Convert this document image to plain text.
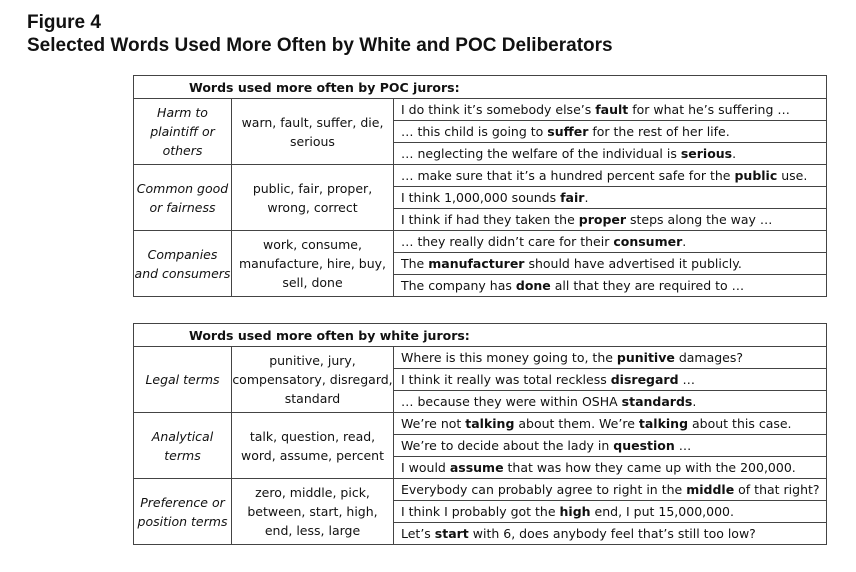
Figure 4
Selected Words Used More Often by White and POC Deliberators
Words used more often by POC jurors:		
Harm to plaintiff or others	warn, fault, suffer, die, serious	I do think it’s somebody else’s fault for what he’s suffering …
		… this child is going to suffer for the rest of her life.
		… neglecting the welfare of the individual is serious.
Common good or fairness	public, fair, proper, wrong, correct	… make sure that it’s a hundred percent safe for the public use.
		I think 1,000,000 sounds fair.
		I think if had they taken the proper steps along the way …
Companies and consumers	work, consume, manufacture, hire, buy, sell, done	… they really didn’t care for their consumer.
		The manufacturer should have advertised it publicly.
		The company has done all that they are required to …
Words used more often by white jurors:		
Legal terms	punitive, jury, compensatory, disregard, standard	Where is this money going to, the punitive damages?
		I think it really was total reckless disregard …
		… because they were within OSHA standards.
Analytical terms	talk, question, read, word, assume, percent	We’re not talking about them. We’re talking about this case.
		We’re to decide about the lady in question …
		I would assume that was how they came up with the 200,000.
Preference or position terms	zero, middle, pick, between, start, high, end, less, large	Everybody can probably agree to right in the middle of that right?
		I think I probably got the high end, I put 15,000,000.
		Let’s start with 6, does anybody feel that’s still too low?
